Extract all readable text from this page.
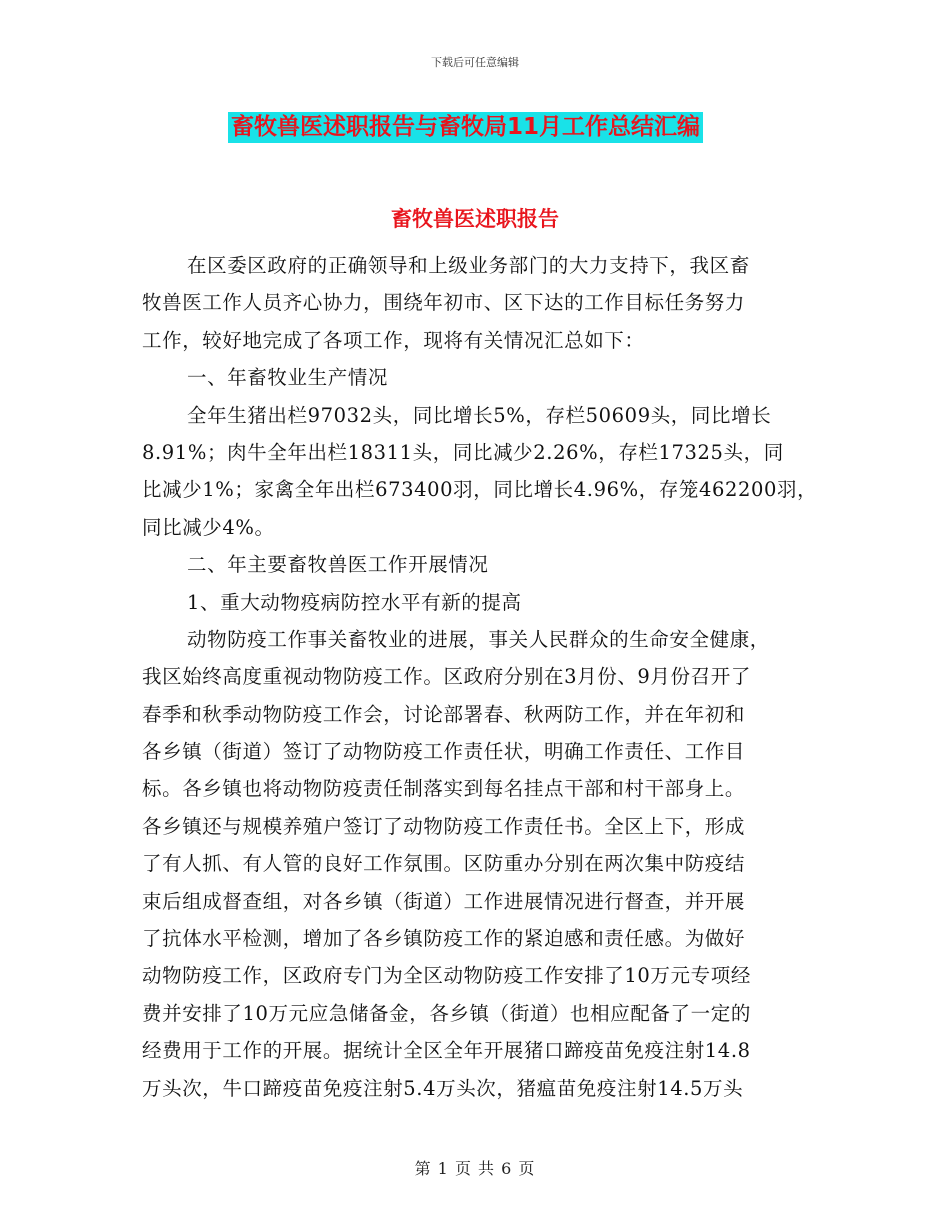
下载后可任意编辑
畜牧兽医述职报告与畜牧局11月工作总结汇编
畜牧兽医述职报告
在区委区政府的正确领导和上级业务部门的大力支持下，我区畜
牧兽医工作人员齐心协力，围绕年初市、区下达的工作目标任务努力
工作，较好地完成了各项工作，现将有关情况汇总如下：
一、年畜牧业生产情况
全年生猪出栏97032头，同比增长5%，存栏50609头，同比增长
8.91%；肉牛全年出栏18311头，同比减少2.26%，存栏17325头，同
比减少1%；家禽全年出栏673400羽，同比增长4.96%，存笼462200羽，
同比减少4%。
二、年主要畜牧兽医工作开展情况
1、重大动物疫病防控水平有新的提高
动物防疫工作事关畜牧业的进展，事关人民群众的生命安全健康，
我区始终高度重视动物防疫工作。区政府分别在3月份、9月份召开了
春季和秋季动物防疫工作会，讨论部署春、秋两防工作，并在年初和
各乡镇（街道）签订了动物防疫工作责任状，明确工作责任、工作目
标。各乡镇也将动物防疫责任制落实到每名挂点干部和村干部身上。
各乡镇还与规模养殖户签订了动物防疫工作责任书。全区上下，形成
了有人抓、有人管的良好工作氛围。区防重办分别在两次集中防疫结
束后组成督查组，对各乡镇（街道）工作进展情况进行督查，并开展
了抗体水平检测，增加了各乡镇防疫工作的紧迫感和责任感。为做好
动物防疫工作，区政府专门为全区动物防疫工作安排了10万元专项经
费并安排了10万元应急储备金，各乡镇（街道）也相应配备了一定的
经费用于工作的开展。据统计全区全年开展猪口蹄疫苗免疫注射14.8
万头次，牛口蹄疫苗免疫注射5.4万头次，猪瘟苗免疫注射14.5万头
第 1 页 共 6 页
